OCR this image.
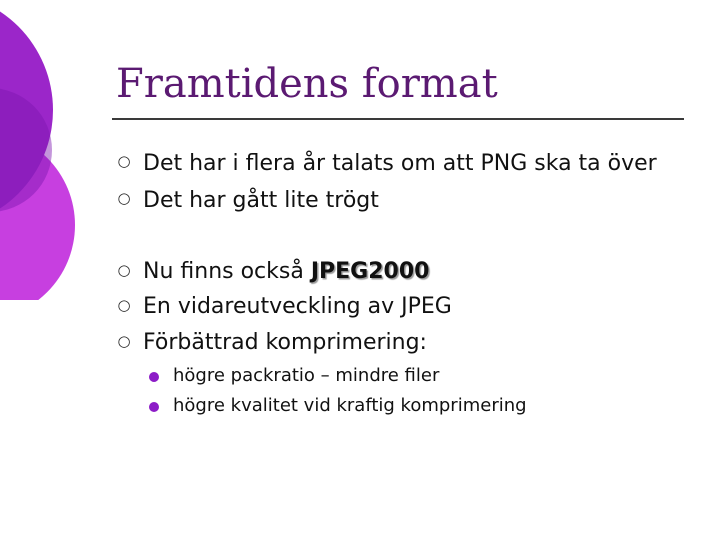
Framtidens format
○ Det har i flera år talats om att PNG ska ta över
○ Det har gått lite trögt
○ Nu finns också JPEG2000
○ En vidareutveckling av JPEG
○ Förbättrad komprimering:
högre packratio – mindre filer
högre kvalitet vid kraftig komprimering
